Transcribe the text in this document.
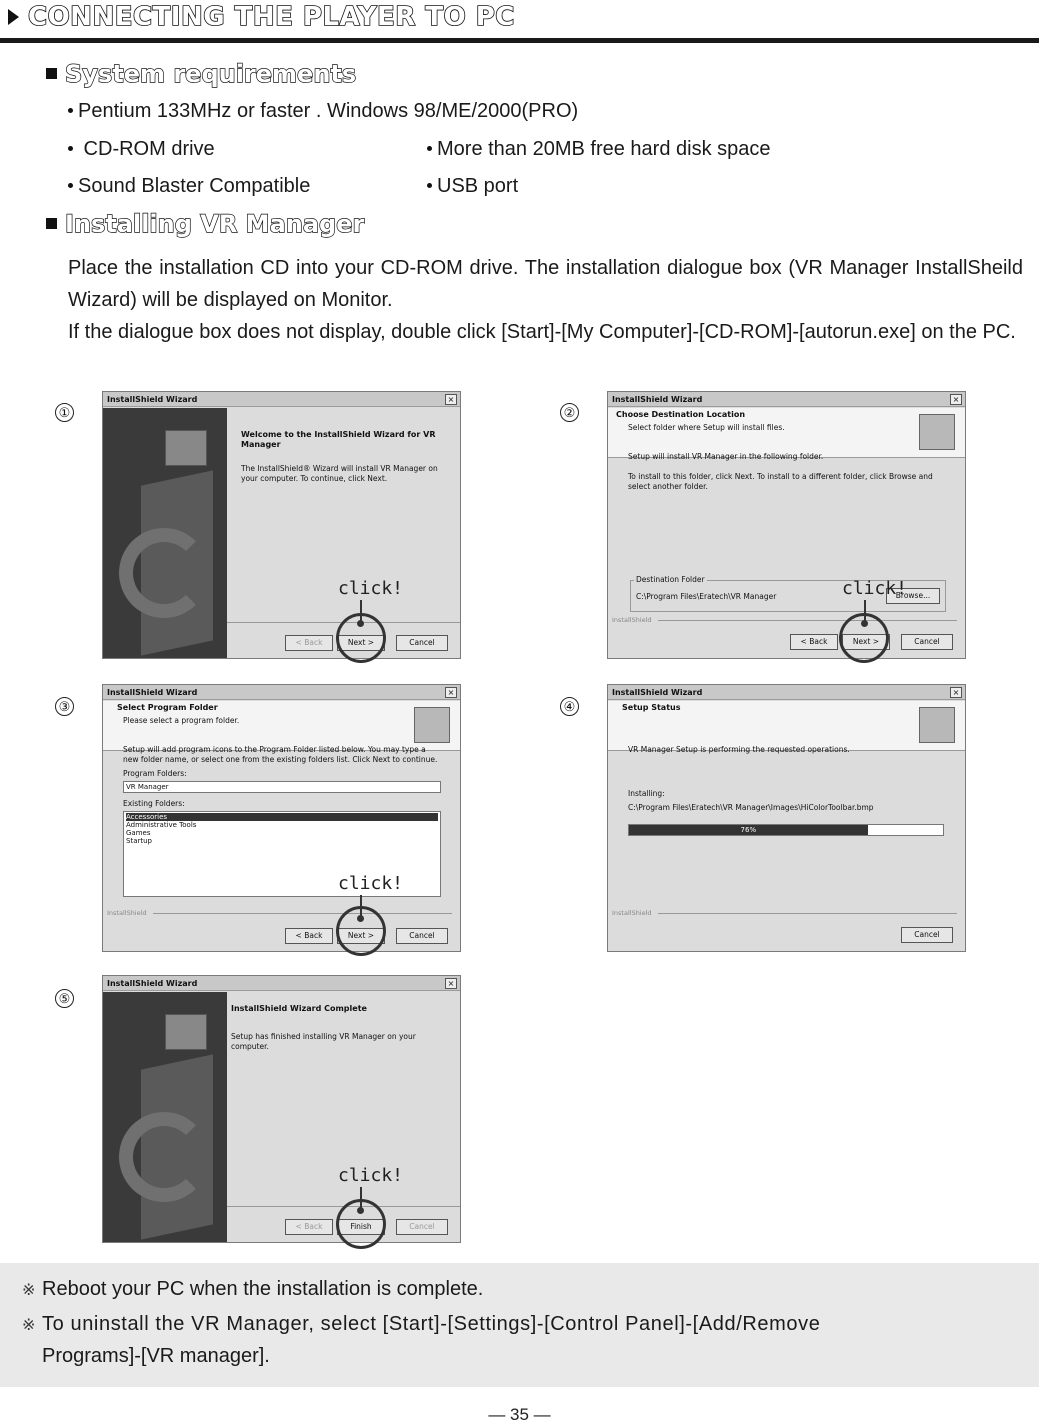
CONNECTING THE PLAYER TO PC
System requirements
Pentium 133MHz or faster . Windows 98/ME/2000(PRO)
CD-ROM drive	More than 20MB free hard disk space
Sound Blaster Compatible	USB port
Installing VR Manager
Place the installation CD into your CD-ROM drive. The installation dialogue box (VR Manager InstallSheild Wizard) will be displayed on Monitor.
If the dialogue box does not display, double click [Start]-[My Computer]-[CD-ROM]-[autorun.exe] on the PC.
①	②
③	④
⑤
InstallShield Wizard	×
Welcome to the InstallShield Wizard for VR Manager
The InstallShield® Wizard will install VR Manager on your computer. To continue, click Next.
< Back	Next >	Cancel
click!
InstallShield Wizard	×
Choose Destination Location
Select folder where Setup will install files.
Setup will install VR Manager in the following folder.
To install to this folder, click Next. To install to a different folder, click Browse and select another folder.
Destination Folder
C:\Program Files\Eratech\VR Manager	Browse...
InstallShield
< Back	Next >	Cancel
click!
InstallShield Wizard	×
Select Program Folder
Please select a program folder.
Setup will add program icons to the Program Folder listed below. You may type a new folder name, or select one from the existing folders list. Click Next to continue.
Program Folders:
VR Manager
Existing Folders:
Accessories
Administrative Tools
Games
Startup
InstallShield
< Back	Next >	Cancel
click!
InstallShield Wizard	×
Setup Status
VR Manager Setup is performing the requested operations.
Installing:
C:\Program Files\Eratech\VR Manager\Images\HiColorToolbar.bmp
76%
InstallShield
Cancel
InstallShield Wizard	×
InstallShield Wizard Complete
Setup has finished installing VR Manager on your computer.
< Back	Finish	Cancel
click!
※ Reboot your PC when the installation is complete.
※ To uninstall the VR Manager, select [Start]-[Settings]-[Control Panel]-[Add/Remove
Programs]-[VR manager].
— 35 —
